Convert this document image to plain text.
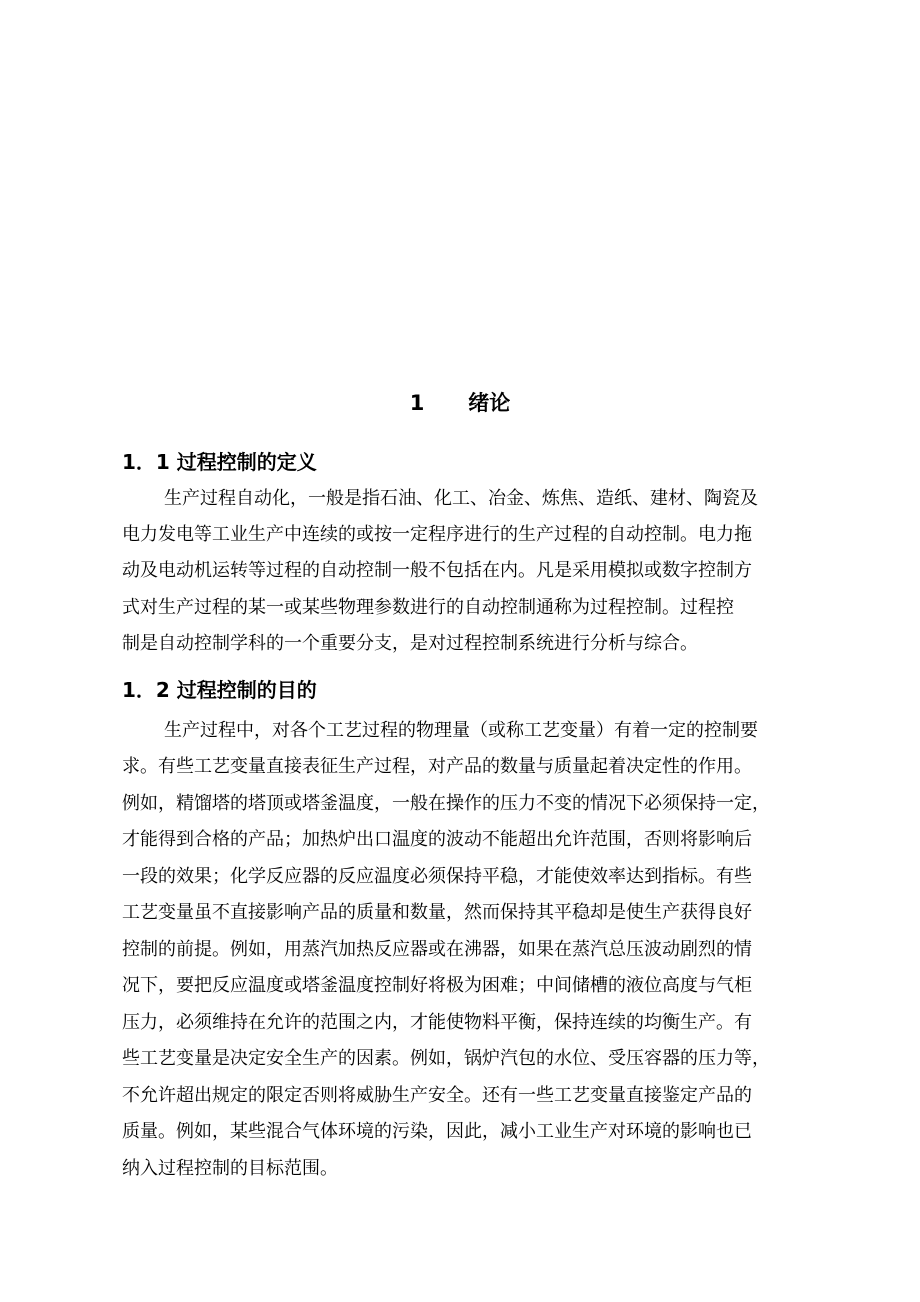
1      绪论
1．1 过程控制的定义
生产过程自动化，一般是指石油、化工、冶金、炼焦、造纸、建材、陶瓷及
电力发电等工业生产中连续的或按一定程序进行的生产过程的自动控制。电力拖
动及电动机运转等过程的自动控制一般不包括在内。凡是采用模拟或数字控制方
式对生产过程的某一或某些物理参数进行的自动控制通称为过程控制。过程控
制是自动控制学科的一个重要分支，是对过程控制系统进行分析与综合。
1．2 过程控制的目的
生产过程中，对各个工艺过程的物理量（或称工艺变量）有着一定的控制要
求。有些工艺变量直接表征生产过程，对产品的数量与质量起着决定性的作用。
例如，精馏塔的塔顶或塔釜温度，一般在操作的压力不变的情况下必须保持一定，
才能得到合格的产品；加热炉出口温度的波动不能超出允许范围，否则将影响后
一段的效果；化学反应器的反应温度必须保持平稳，才能使效率达到指标。有些
工艺变量虽不直接影响产品的质量和数量，然而保持其平稳却是使生产获得良好
控制的前提。例如，用蒸汽加热反应器或在沸器，如果在蒸汽总压波动剧烈的情
况下，要把反应温度或塔釜温度控制好将极为困难；中间储槽的液位高度与气柜
压力，必须维持在允许的范围之内，才能使物料平衡，保持连续的均衡生产。有
些工艺变量是决定安全生产的因素。例如，锅炉汽包的水位、受压容器的压力等，
不允许超出规定的限定否则将威胁生产安全。还有一些工艺变量直接鉴定产品的
质量。例如，某些混合气体环境的污染，因此，减小工业生产对环境的影响也已
纳入过程控制的目标范围。
